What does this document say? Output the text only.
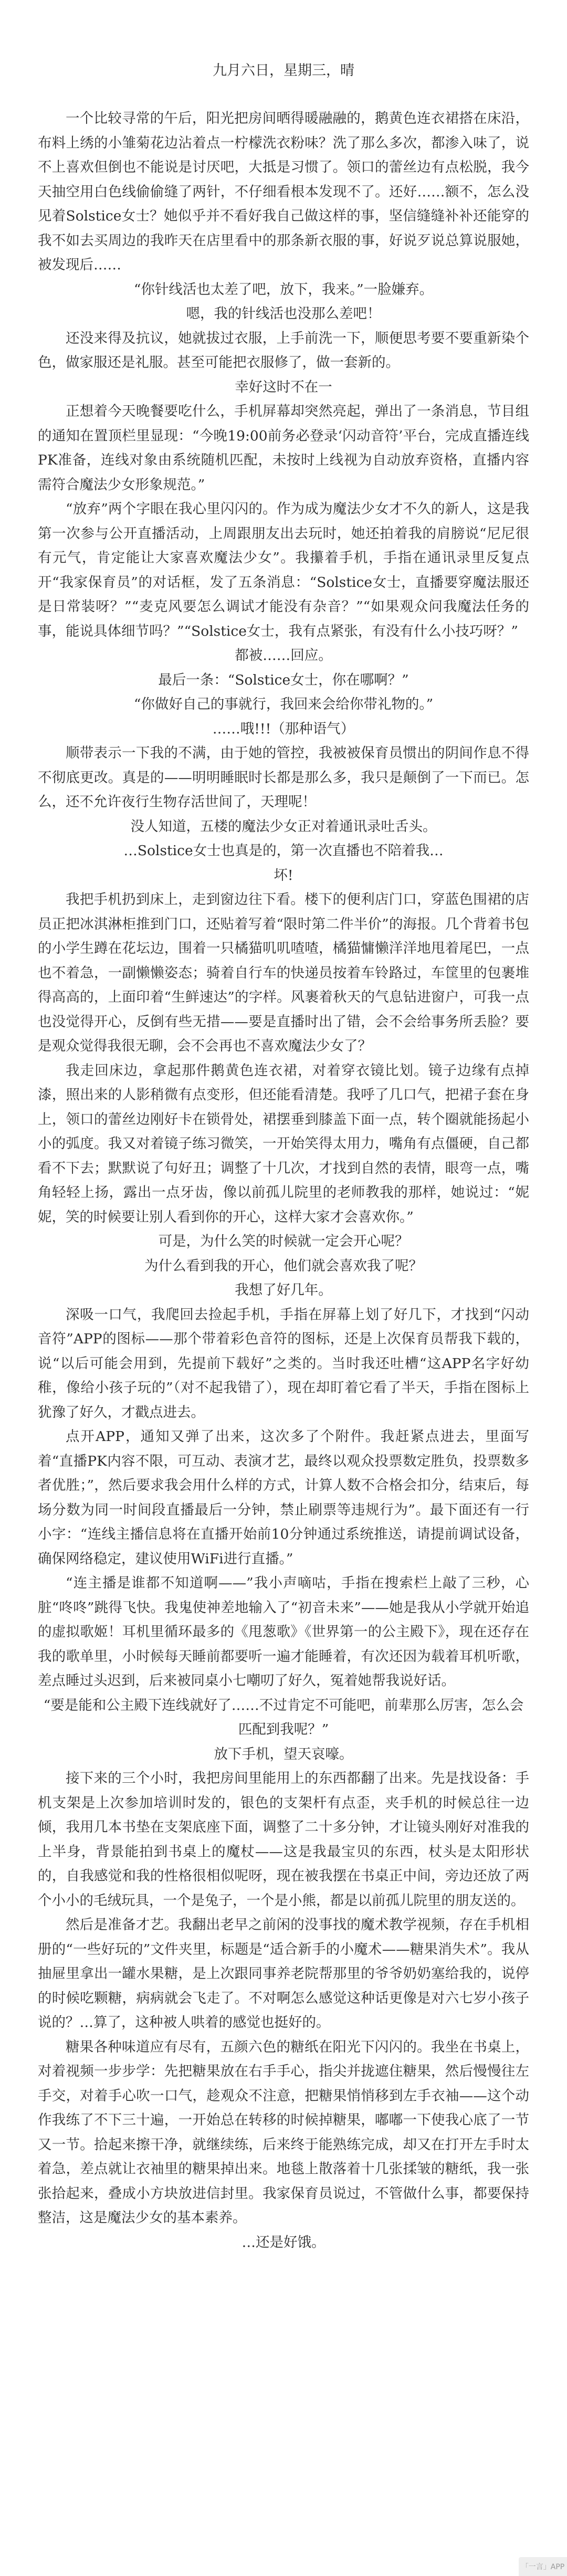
九月六日，星期三，晴

一个比较寻常的午后，阳光把房间晒得暖融融的，鹅黄色连衣裙搭在床沿，布料上绣的小雏菊花边沾着点一柠檬洗衣粉味？洗了那么多次，都渗入味了，说不上喜欢但倒也不能说是讨厌吧，大抵是习惯了。领口的蕾丝边有点松脱，我今天抽空用白色线偷偷缝了两针，不仔细看根本发现不了。还好……额不，怎么没见着Solstice女士？她似乎并不看好我自己做这样的事，坚信缝缝补补还能穿的我不如去买周边的我昨天在店里看中的那条新衣服的事，好说歹说总算说服她，被发现后……

“你针线活也太差了吧，放下，我来。”一脸嫌弃。

嗯，我的针线活也没那么差吧！

还没来得及抗议，她就拔过衣服，上手前洗一下，顺便思考要不要重新染个色，做家服还是礼服。甚至可能把衣服修了，做一套新的。

幸好这时不在一

正想着今天晚餐要吃什么，手机屏幕却突然亮起，弹出了一条消息，节目组的通知在置顶栏里显现：“今晚19:00前务必登录‘闪动音符’平台，完成直播连线PK准备，连线对象由系统随机匹配，未按时上线视为自动放弃资格，直播内容需符合魔法少女形象规范。”

“放弃”两个字眼在我心里闪闪的。作为成为魔法少女才不久的新人，这是我第一次参与公开直播活动，上周跟朋友出去玩时，她还拍着我的肩膀说“尼尼很有元气，肯定能让大家喜欢魔法少女”。我攥着手机，手指在通讯录里反复点开“我家保育员”的对话框，发了五条消息：“Solstice女士，直播要穿魔法服还是日常装呀？”“麦克风要怎么调试才能没有杂音？”“如果观众问我魔法任务的事，能说具体细节吗？”“Solstice女士，我有点紧张，有没有什么小技巧呀？”

都被……回应。

最后一条：“Solstice女士，你在哪啊？”

“你做好自己的事就行，我回来会给你带礼物的。”

……哦!!!（那种语气）

顺带表示一下我的不满，由于她的管控，我被被保育员惯出的阴间作息不得不彻底更改。真是的——明明睡眠时长都是那么多，我只是颠倒了一下而已。怎么，还不允许夜行生物存活世间了，天理呢！

没人知道，五楼的魔法少女正对着通讯录吐舌头。

…Solstice女士也真是的，第一次直播也不陪着我…

坏!

我把手机扔到床上，走到窗边往下看。楼下的便利店门口，穿蓝色围裙的店员正把冰淇淋柜推到门口，还贴着写着“限时第二件半价”的海报。几个背着书包的小学生蹲在花坛边，围着一只橘猫叽叽喳喳，橘猫慵懒洋洋地甩着尾巴，一点也不着急，一副懒懒姿态；骑着自行车的快递员按着车铃路过，车筐里的包裹堆得高高的，上面印着“生鲜速达”的字样。风裹着秋天的气息钻进窗户，可我一点也没觉得开心，反倒有些无措——要是直播时出了错，会不会给事务所丢脸？要是观众觉得我很无聊，会不会再也不喜欢魔法少女了？

我走回床边，拿起那件鹅黄色连衣裙，对着穿衣镜比划。镜子边缘有点掉漆，照出来的人影稍微有点变形，但还能看清楚。我呼了几口气，把裙子套在身上，领口的蕾丝边刚好卡在锁骨处，裙摆垂到膝盖下面一点，转个圈就能扬起小小的弧度。我又对着镜子练习微笑，一开始笑得太用力，嘴角有点僵硬，自己都看不下去；默默说了句好丑；调整了十几次，才找到自然的表情，眼弯一点，嘴角轻轻上扬，露出一点牙齿，像以前孤儿院里的老师教我的那样，她说过：“妮妮，笑的时候要让别人看到你的开心，这样大家才会喜欢你。”

可是，为什么笑的时候就一定会开心呢？

为什么看到我的开心，他们就会喜欢我了呢？

我想了好几年。

深吸一口气，我爬回去捡起手机，手指在屏幕上划了好几下，才找到“闪动音符”APP的图标——那个带着彩色音符的图标，还是上次保育员帮我下载的，说“以后可能会用到，先提前下载好”之类的。当时我还吐槽“这APP名字好幼稚，像给小孩子玩的”（对不起我错了），现在却盯着它看了半天，手指在图标上犹豫了好久，才戳点进去。

点开APP，通知又弹了出来，这次多了个附件。我赶紧点进去，里面写着“直播PK内容不限，可互动、表演才艺，最终以观众投票数定胜负，投票数多者优胜；”，然后要求我会用什么样的方式，计算人数不合格会扣分，结束后，每场分数为同一时间段直播最后一分钟，禁止刷票等违规行为”。最下面还有一行小字：“连线主播信息将在直播开始前10分钟通过系统推送，请提前调试设备，确保网络稳定，建议使用WiFi进行直播。”

“连主播是谁都不知道啊——”我小声嘀咕，手指在搜索栏上敲了三秒，心脏“咚咚”跳得飞快。我鬼使神差地输入了“初音未来”——她是我从小学就开始追的虚拟歌姬！耳机里循环最多的《甩葱歌》《世界第一的公主殿下》，现在还存在我的歌单里，小时候每天睡前都要听一遍才能睡着，有次还因为载着耳机听歌，差点睡过头迟到，后来被同桌小七嘲叨了好久，冤着她帮我说好话。

“要是能和公主殿下连线就好了……不过肯定不可能吧，前辈那么厉害，怎么会匹配到我呢？”

放下手机，望天哀嚎。

接下来的三个小时，我把房间里能用上的东西都翻了出来。先是找设备：手机支架是上次参加培训时发的，银色的支架杆有点歪，夹手机的时候总往一边倾，我用几本书垫在支架底座下面，调整了二十多分钟，才让镜头刚好对准我的上半身，背景能拍到书桌上的魔杖——这是我最宝贝的东西，杖头是太阳形状的，自我感觉和我的性格很相似呢呀，现在被我摆在书桌正中间，旁边还放了两个小小的毛绒玩具，一个是兔子，一个是小熊，都是以前孤儿院里的朋友送的。

然后是准备才艺。我翻出老早之前闲的没事找的魔术教学视频，存在手机相册的“一些好玩的”文件夹里，标题是“适合新手的小魔术——糖果消失术”。我从抽屉里拿出一罐水果糖，是上次跟同事养老院帮那里的爷爷奶奶塞给我的，说停的时候吃颗糖，病病就会飞走了。不对啊怎么感觉这种话更像是对六七岁小孩子说的？…算了，这种被人哄着的感觉也挺好的。

糖果各种味道应有尽有，五颜六色的糖纸在阳光下闪闪的。我坐在书桌上，对着视频一步步学：先把糖果放在右手手心，指尖并拢遮住糖果，然后慢慢往左手交，对着手心吹一口气，趁观众不注意，把糖果悄悄移到左手衣袖——这个动作我练了不下三十遍，一开始总在转移的时候掉糖果，嘟嘟一下使我心底了一节又一节。拾起来擦干净，就继续练，后来终于能熟练完成，却又在打开左手时太着急，差点就让衣袖里的糖果掉出来。地毯上散落着十几张揉皱的糖纸，我一张张拾起来，叠成小方块放进信封里。我家保育员说过，不管做什么事，都要保持整洁，这是魔法少女的基本素养。

…还是好饿。

「一言」APP
